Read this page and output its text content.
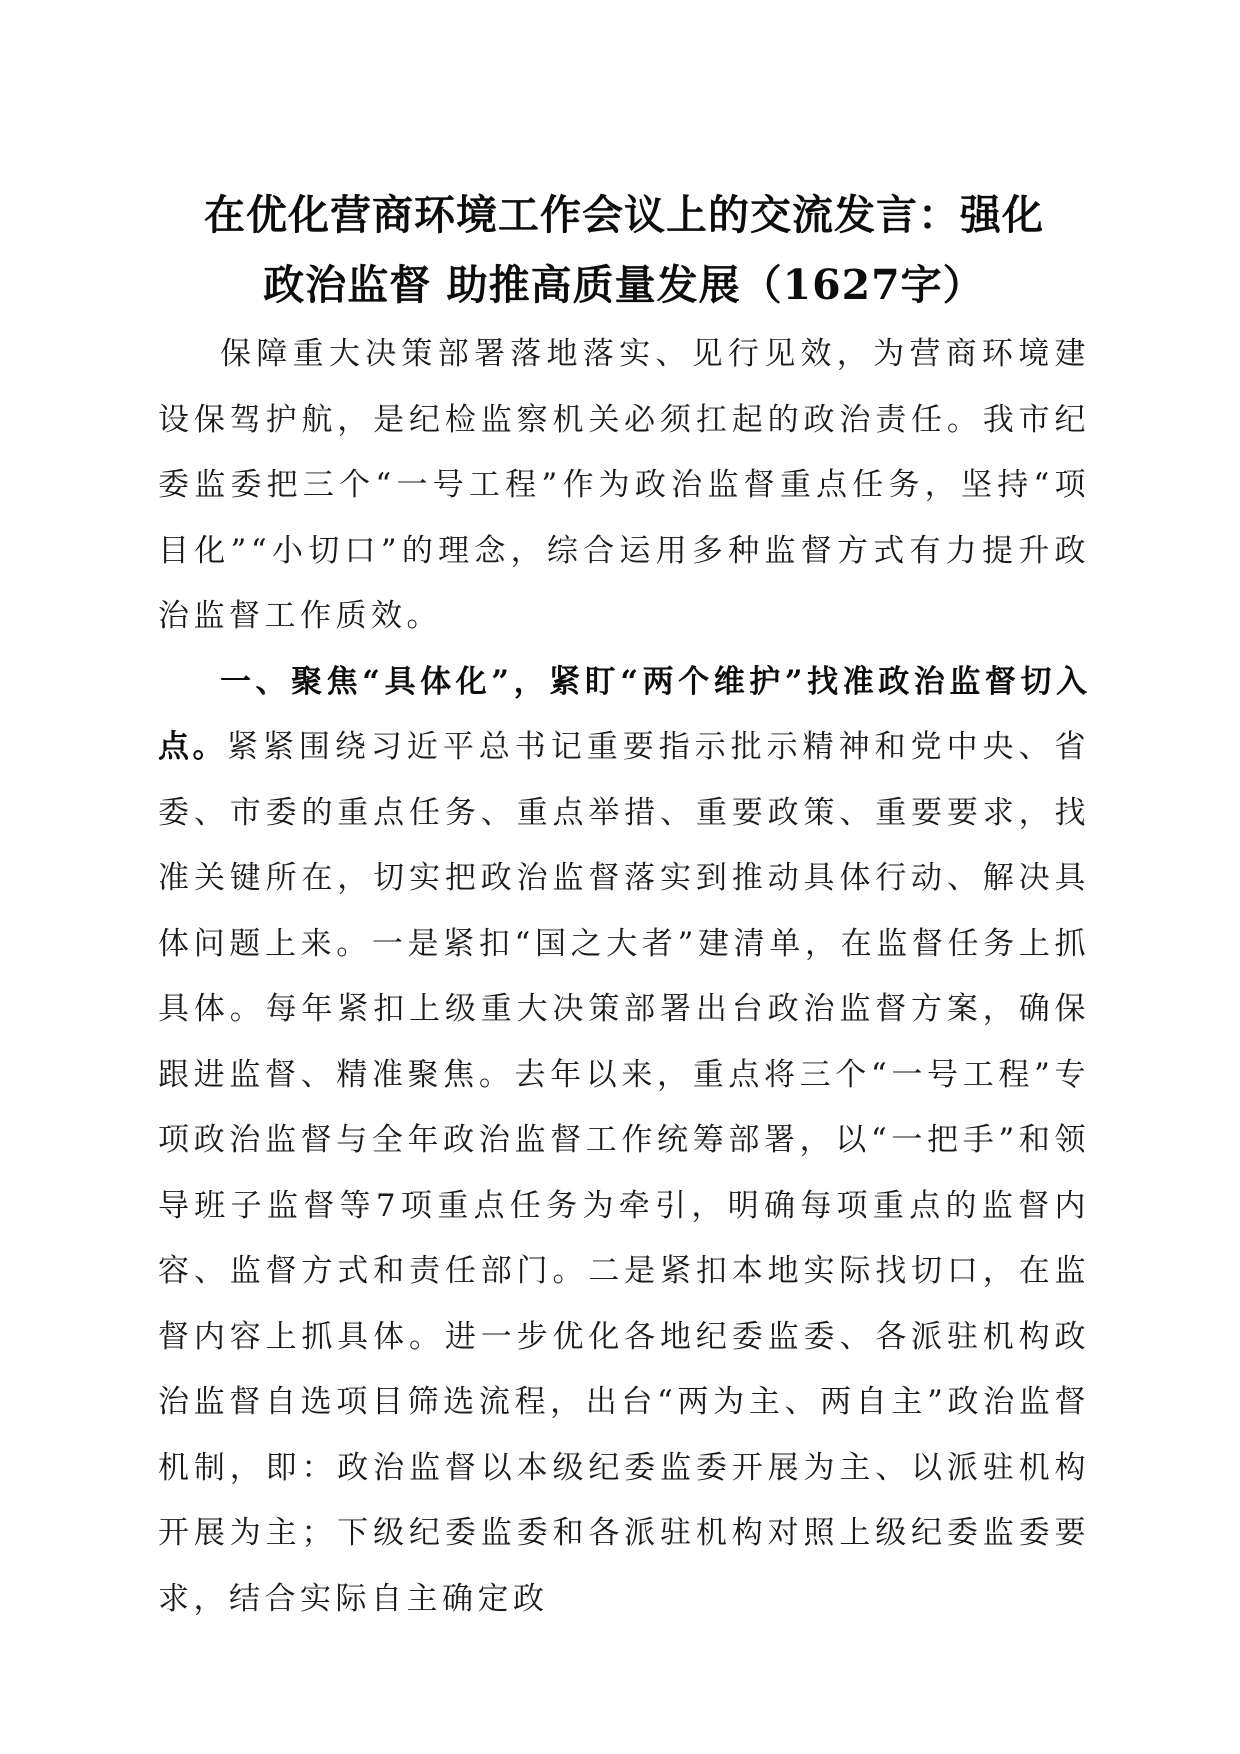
在优化营商环境工作会议上的交流发言：强化
政治监督 助推高质量发展（1627字）

保障重大决策部署落地落实、见行见效，为营商环境建设保驾护航，是纪检监察机关必须扛起的政治责任。我市纪委监委把三个“一号工程”作为政治监督重点任务，坚持“项目化”“小切口”的理念，综合运用多种监督方式有力提升政治监督工作质效。

一、聚焦“具体化”，紧盯“两个维护”找准政治监督切入点。紧紧围绕习近平总书记重要指示批示精神和党中央、省委、市委的重点任务、重点举措、重要政策、重要要求，找准关键所在，切实把政治监督落实到推动具体行动、解决具体问题上来。一是紧扣“国之大者”建清单，在监督任务上抓具体。每年紧扣上级重大决策部署出台政治监督方案，确保跟进监督、精准聚焦。去年以来，重点将三个“一号工程”专项政治监督与全年政治监督工作统筹部署，以“一把手”和领导班子监督等7项重点任务为牵引，明确每项重点的监督内容、监督方式和责任部门。二是紧扣本地实际找切口，在监督内容上抓具体。进一步优化各地纪委监委、各派驻机构政治监督自选项目筛选流程，出台“两为主、两自主”政治监督机制，即：政治监督以本级纪委监委开展为主、以派驻机构开展为主；下级纪委监委和各派驻机构对照上级纪委监委要求，结合实际自主确定政
